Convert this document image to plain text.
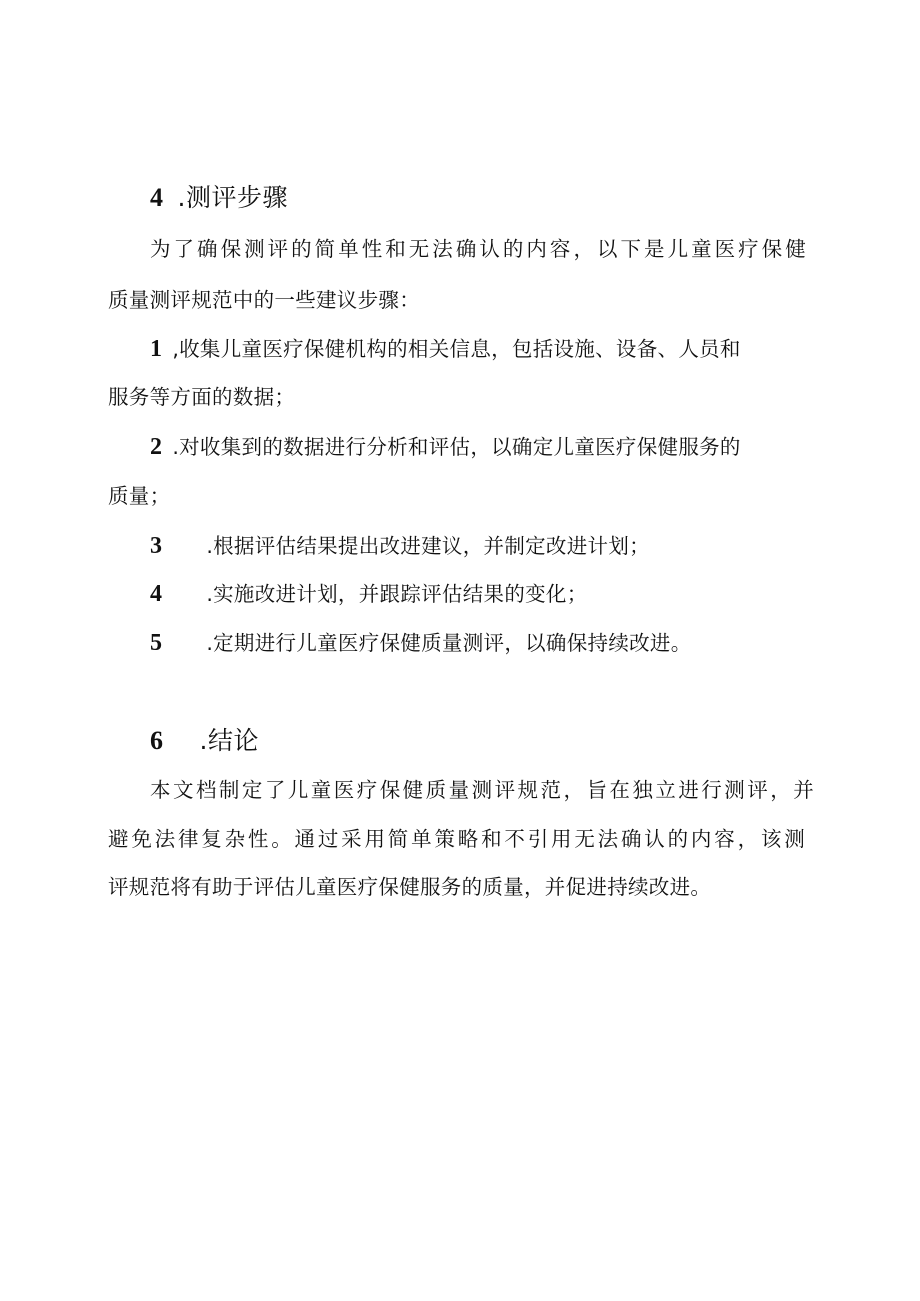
4 .测评步骤
为了确保测评的简单性和无法确认的内容，以下是儿童医疗保健
质量测评规范中的一些建议步骤：
1 ,收集儿童医疗保健机构的相关信息，包括设施、设备、人员和
服务等方面的数据；
2 .对收集到的数据进行分析和评估，以确定儿童医疗保健服务的
质量；
3 .根据评估结果提出改进建议，并制定改进计划；
4 .实施改进计划，并跟踪评估结果的变化；
5 .定期进行儿童医疗保健质量测评，以确保持续改进。
6 .结论
本文档制定了儿童医疗保健质量测评规范，旨在独立进行测评，并
避免法律复杂性。通过采用简单策略和不引用无法确认的内容，该测
评规范将有助于评估儿童医疗保健服务的质量，并促进持续改进。
